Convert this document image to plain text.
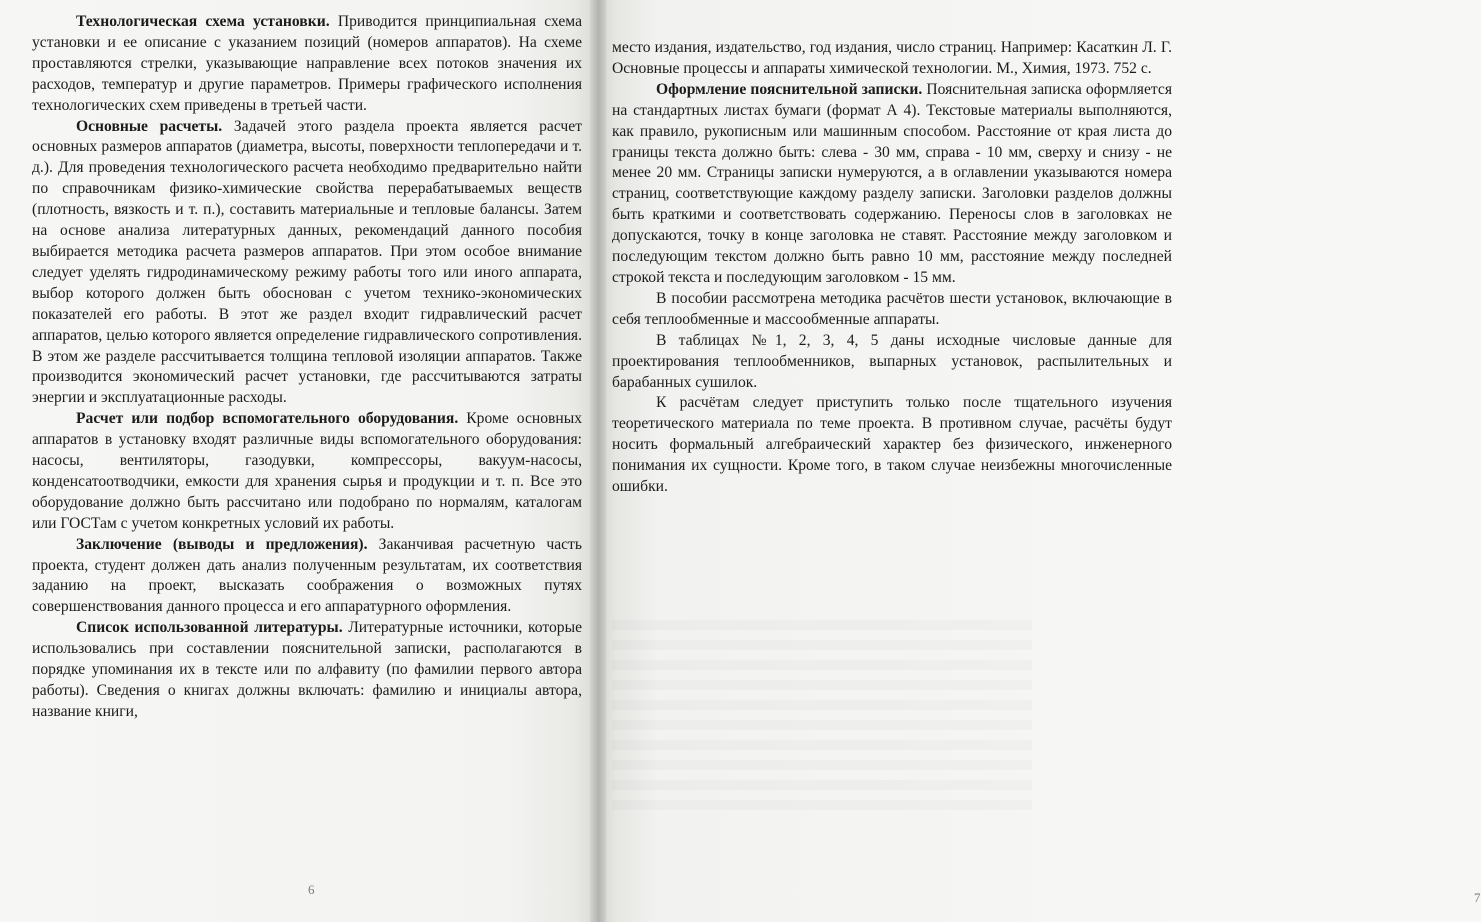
Технологическая схема установки. Приводится принципиальная схема установки и ее описание с указанием позиций (номеров аппаратов). На схеме проставляются стрелки, указывающие направление всех потоков значения их расходов, температур и другие параметров. Примеры графического исполнения технологических схем приведены в третьей части.

Основные расчеты. Задачей этого раздела проекта является расчет основных размеров аппаратов (диаметра, высоты, поверхности теплопередачи и т. д.). Для проведения технологического расчета необходимо предварительно найти по справочникам физико-химические свойства перерабатываемых веществ (плотность, вязкость и т. п.), составить материальные и тепловые балансы. Затем на основе анализа литературных данных, рекомендаций данного пособия выбирается методика расчета размеров аппаратов. При этом особое внимание следует уделять гидродинамическому режиму работы того или иного аппарата, выбор которого должен быть обоснован с учетом технико-экономических показателей его работы. В этот же раздел входит гидравлический расчет аппаратов, целью которого является определение гидравлического сопротивления. В этом же разделе рассчитывается толщина тепловой изоляции аппаратов. Также производится экономический расчет установки, где рассчитываются затраты энергии и эксплуатационные расходы.

Расчет или подбор вспомогательного оборудования. Кроме основных аппаратов в установку входят различные виды вспомогательного оборудования: насосы, вентиляторы, газодувки, компрессоры, вакуум-насосы, конденсатоотводчики, емкости для хранения сырья и продукции и т. п. Все это оборудование должно быть рассчитано или подобрано по нормалям, каталогам или ГОСТам с учетом конкретных условий их работы.

Заключение (выводы и предложения). Заканчивая расчетную часть проекта, студент должен дать анализ полученным результатам, их соответствия заданию на проект, высказать соображения о возможных путях совершенствования данного процесса и его аппаратурного оформления.

Список использованной литературы. Литературные источники, которые использовались при составлении пояснительной записки, располагаются в порядке упоминания их в тексте или по алфавиту (по фамилии первого автора работы). Сведения о книгах должны включать: фамилию и инициалы автора, название книги,

6
7

место издания, издательство, год издания, число страниц. Например: Касаткин Л. Г. Основные процессы и аппараты химической технологии. М., Химия, 1973. 752 с.

Оформление пояснительной записки. Пояснительная записка оформляется на стандартных листах бумаги (формат А 4). Текстовые материалы выполняются, как правило, рукописным или машинным способом. Расстояние от края листа до границы текста должно быть: слева - 30 мм, справа - 10 мм, сверху и снизу - не менее 20 мм. Страницы записки нумеруются, а в оглавлении указываются номера страниц, соответствующие каждому разделу записки. Заголовки разделов должны быть краткими и соответствовать содержанию. Переносы слов в заголовках не допускаются, точку в конце заголовка не ставят. Расстояние между заголовком и последующим текстом должно быть равно 10 мм, расстояние между последней строкой текста и последующим заголовком - 15 мм.

В пособии рассмотрена методика расчётов шести установок, включающие в себя теплообменные и массообменные аппараты.

В таблицах №1, 2, 3, 4, 5 даны исходные числовые данные для проектирования теплообменников, выпарных установок, распылительных и барабанных сушилок.

К расчётам следует приступить только после тщательного изучения теоретического материала по теме проекта. В противном случае, расчёты будут носить формальный алгебраический характер без физического, инженерного понимания их сущности. Кроме того, в таком случае неизбежны многочисленные ошибки.
